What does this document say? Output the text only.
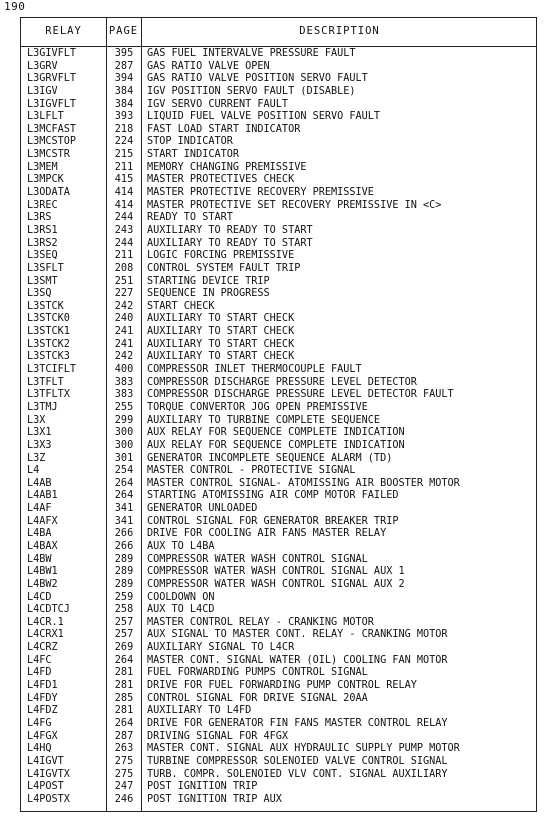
190
RELAY	PAGE	DESCRIPTION
L3GIVFLT	395	GAS FUEL INTERVALVE PRESSURE FAULT
L3GRV	287	GAS RATIO VALVE OPEN
L3GRVFLT	394	GAS RATIO VALVE POSITION SERVO FAULT
L3IGV	384	IGV POSITION SERVO FAULT (DISABLE)
L3IGVFLT	384	IGV SERVO CURRENT FAULT
L3LFLT	393	LIQUID FUEL VALVE POSITION SERVO FAULT
L3MCFAST	218	FAST LOAD START INDICATOR
L3MCSTOP	224	STOP INDICATOR
L3MCSTR	215	START INDICATOR
L3MEM	211	MEMORY CHANGING PREMISSIVE
L3MPCK	415	MASTER PROTECTIVES CHECK
L3ODATA	414	MASTER PROTECTIVE RECOVERY PREMISSIVE
L3REC	414	MASTER PROTECTIVE SET RECOVERY PREMISSIVE IN <C>
L3RS	244	READY TO START
L3RS1	243	AUXILIARY TO READY TO START
L3RS2	244	AUXILIARY TO READY TO START
L3SEQ	211	LOGIC FORCING PREMISSIVE
L3SFLT	208	CONTROL SYSTEM FAULT TRIP
L3SMT	251	STARTING DEVICE TRIP
L3SQ	227	SEQUENCE IN PROGRESS
L3STCK	242	START CHECK
L3STCK0	240	AUXILIARY TO START CHECK
L3STCK1	241	AUXILIARY TO START CHECK
L3STCK2	241	AUXILIARY TO START CHECK
L3STCK3	242	AUXILIARY TO START CHECK
L3TCIFLT	400	COMPRESSOR INLET THERMOCOUPLE FAULT
L3TFLT	383	COMPRESSOR DISCHARGE PRESSURE LEVEL DETECTOR
L3TFLTX	383	COMPRESSOR DISCHARGE PRESSURE LEVEL DETECTOR FAULT
L3TMJ	255	TORQUE CONVERTOR JOG OPEN PREMISSIVE
L3X	299	AUXILIARY TO TURBINE COMPLETE SEQUENCE
L3X1	300	AUX RELAY FOR SEQUENCE COMPLETE INDICATION
L3X3	300	AUX RELAY FOR SEQUENCE COMPLETE INDICATION
L3Z	301	GENERATOR INCOMPLETE SEQUENCE ALARM (TD)
L4	254	MASTER CONTROL - PROTECTIVE SIGNAL
L4AB	264	MASTER CONTROL SIGNAL- ATOMISSING AIR BOOSTER MOTOR
L4AB1	264	STARTING ATOMISSING AIR COMP MOTOR FAILED
L4AF	341	GENERATOR UNLOADED
L4AFX	341	CONTROL SIGNAL FOR GENERATOR BREAKER TRIP
L4BA	266	DRIVE FOR COOLING AIR FANS MASTER RELAY
L4BAX	266	AUX TO L4BA
L4BW	289	COMPRESSOR WATER WASH CONTROL SIGNAL
L4BW1	289	COMPRESSOR WATER WASH CONTROL SIGNAL AUX 1
L4BW2	289	COMPRESSOR WATER WASH CONTROL SIGNAL AUX 2
L4CD	259	COOLDOWN ON
L4CDTCJ	258	AUX TO L4CD
L4CR.1	257	MASTER CONTROL RELAY - CRANKING MOTOR
L4CRX1	257	AUX SIGNAL TO MASTER CONT. RELAY - CRANKING MOTOR
L4CRZ	269	AUXILIARY SIGNAL TO L4CR
L4FC	264	MASTER CONT. SIGNAL WATER (OIL) COOLING FAN MOTOR
L4FD	281	FUEL FORWARDING PUMPS CONTROL SIGNAL
L4FD1	281	DRIVE FOR FUEL FORWARDING PUMP CONTROL RELAY
L4FDY	285	CONTROL SIGNAL FOR DRIVE SIGNAL 20AA
L4FDZ	281	AUXILIARY TO L4FD
L4FG	264	DRIVE FOR GENERATOR FIN FANS MASTER CONTROL RELAY
L4FGX	287	DRIVING SIGNAL FOR 4FGX
L4HQ	263	MASTER CONT. SIGNAL AUX HYDRAULIC SUPPLY PUMP MOTOR
L4IGVT	275	TURBINE COMPRESSOR SOLENOIED VALVE CONTROL SIGNAL
L4IGVTX	275	TURB. COMPR. SOLENOIED VLV CONT. SIGNAL AUXILIARY
L4POST	247	POST IGNITION TRIP
L4POSTX	246	POST IGNITION TRIP AUX
